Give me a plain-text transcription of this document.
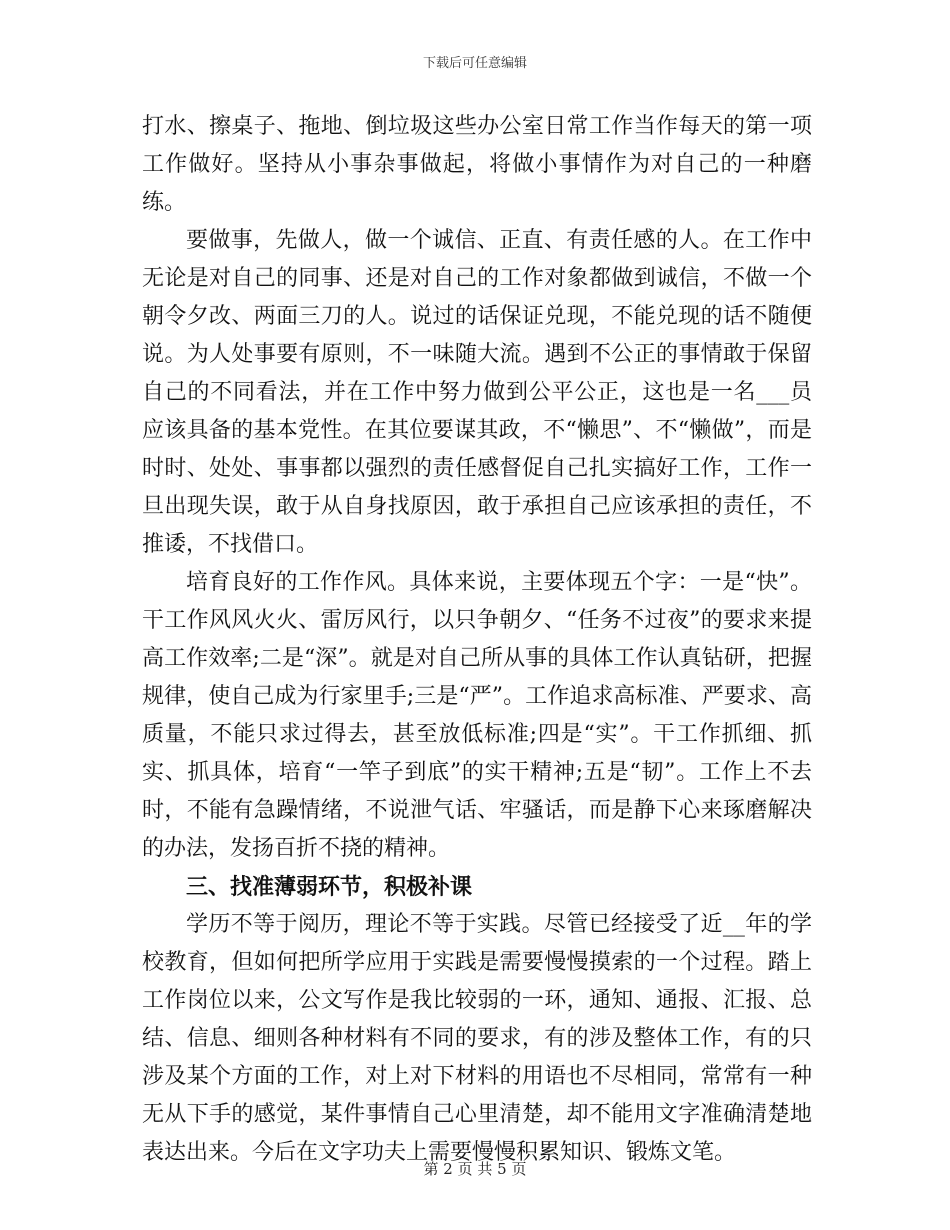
下载后可任意编辑

打水、擦桌子、拖地、倒垃圾这些办公室日常工作当作每天的第一项工作做好。坚持从小事杂事做起，将做小事情作为对自己的一种磨练。

要做事，先做人，做一个诚信、正直、有责任感的人。在工作中无论是对自己的同事、还是对自己的工作对象都做到诚信，不做一个朝令夕改、两面三刀的人。说过的话保证兑现，不能兑现的话不随便说。为人处事要有原则，不一味随大流。遇到不公正的事情敢于保留自己的不同看法，并在工作中努力做到公平公正，这也是一名___员应该具备的基本党性。在其位要谋其政，不“懒思”、不“懒做”，而是时时、处处、事事都以强烈的责任感督促自己扎实搞好工作，工作一旦出现失误，敢于从自身找原因，敢于承担自己应该承担的责任，不推诿，不找借口。

培育良好的工作作风。具体来说，主要体现五个字：一是“快”。干工作风风火火、雷厉风行，以只争朝夕、“任务不过夜”的要求来提高工作效率;二是“深”。就是对自己所从事的具体工作认真钻研，把握规律，使自己成为行家里手;三是“严”。工作追求高标准、严要求、高质量，不能只求过得去，甚至放低标准;四是“实”。干工作抓细、抓实、抓具体，培育“一竿子到底”的实干精神;五是“韧”。工作上不去时，不能有急躁情绪，不说泄气话、牢骚话，而是静下心来琢磨解决的办法，发扬百折不挠的精神。

三、找准薄弱环节，积极补课

学历不等于阅历，理论不等于实践。尽管已经接受了近__年的学校教育，但如何把所学应用于实践是需要慢慢摸索的一个过程。踏上工作岗位以来，公文写作是我比较弱的一环，通知、通报、汇报、总结、信息、细则各种材料有不同的要求，有的涉及整体工作，有的只涉及某个方面的工作，对上对下材料的用语也不尽相同，常常有一种无从下手的感觉，某件事情自己心里清楚，却不能用文字准确清楚地表达出来。今后在文字功夫上需要慢慢积累知识、锻炼文笔。

第 2 页 共 5 页
